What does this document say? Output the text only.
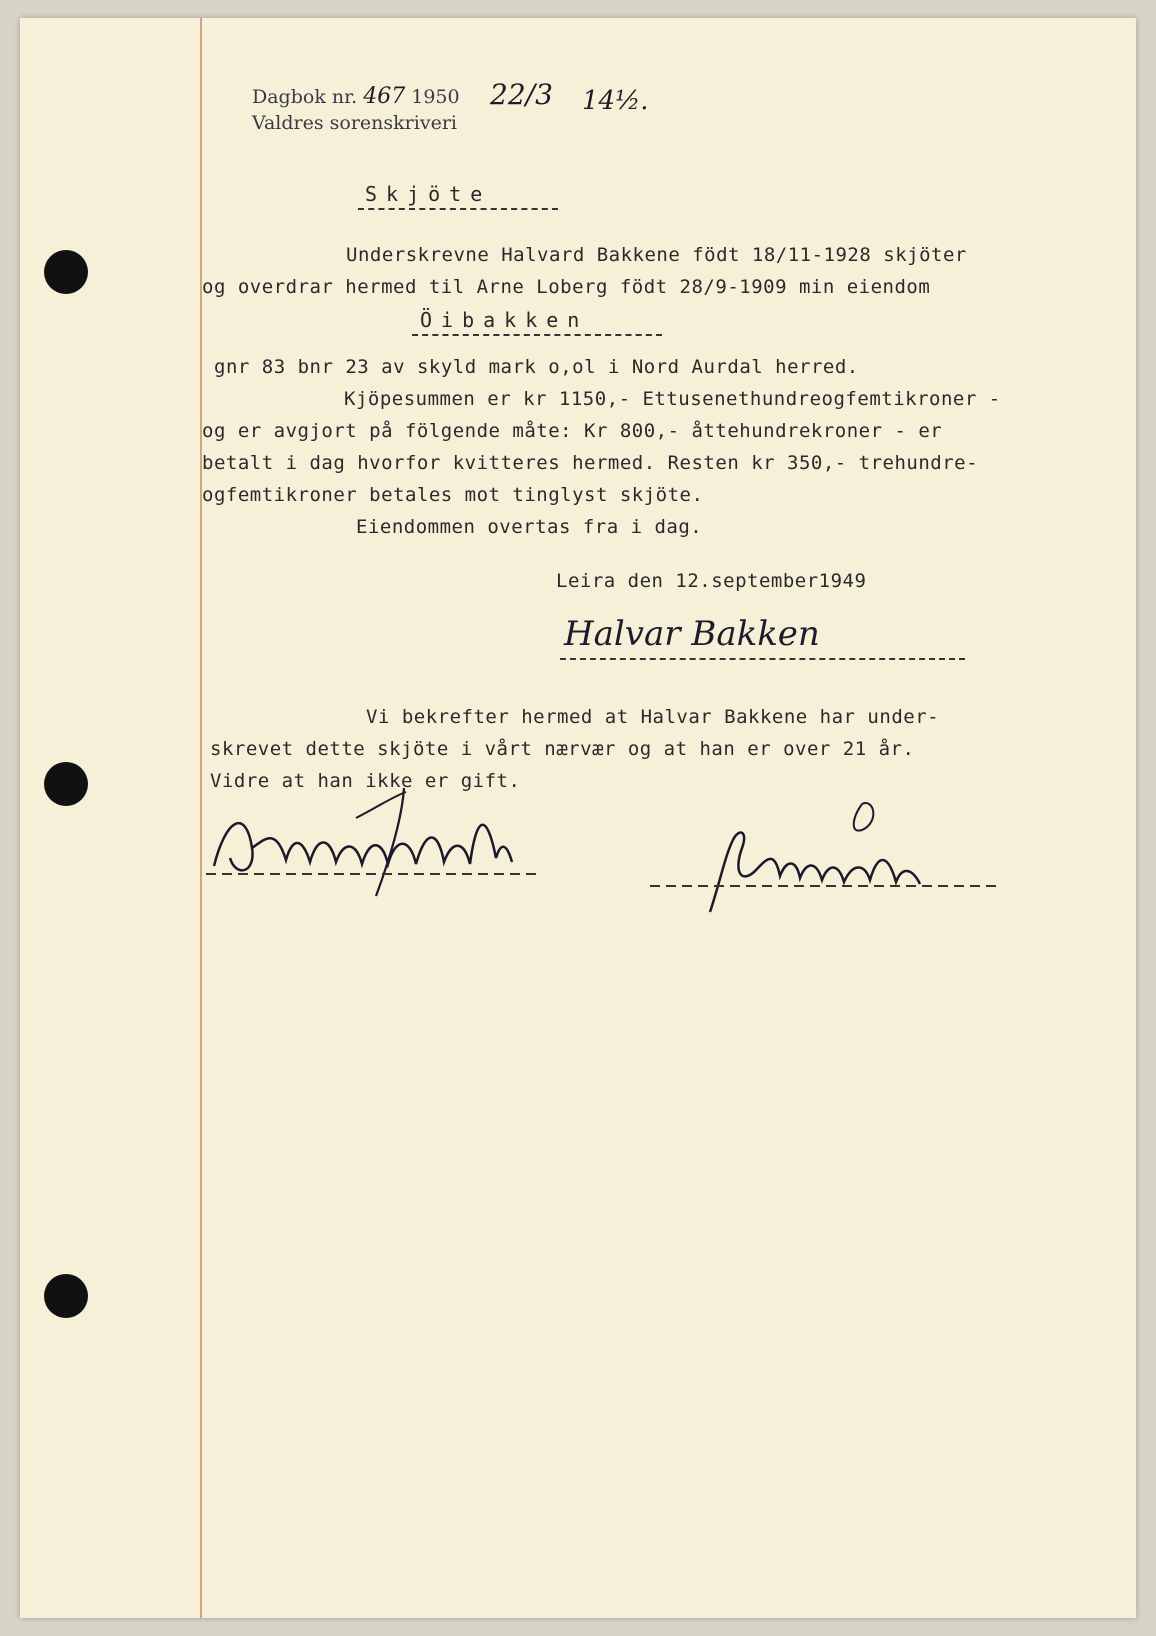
Dagbok nr. 467 1950 22/3 14½.
Valdres sorenskriveri
Skjöte
Underskrevne Halvard Bakkene födt 18/11-1928 skjöter
og overdrar hermed til Arne Loberg födt 28/9-1909 min eiendom
Öibakken
gnr 83 bnr 23 av skyld mark o,ol i Nord Aurdal herred.
Kjöpesummen er kr 1150,- Ettusenethundreogfemtikroner -
og er avgjort på fölgende måte: Kr 800,- åttehundrekroner - er
betalt i dag hvorfor kvitteres hermed. Resten kr 350,- trehundre-
ogfemtikroner betales mot tinglyst skjöte.
Eiendommen overtas fra i dag.
Leira den 12.september1949
Halvar Bakken
Vi bekrefter hermed at Halvar Bakkene har under-
skrevet dette skjöte i vårt nærvær og at han er over 21 år.
Vidre at han ikke er gift.
